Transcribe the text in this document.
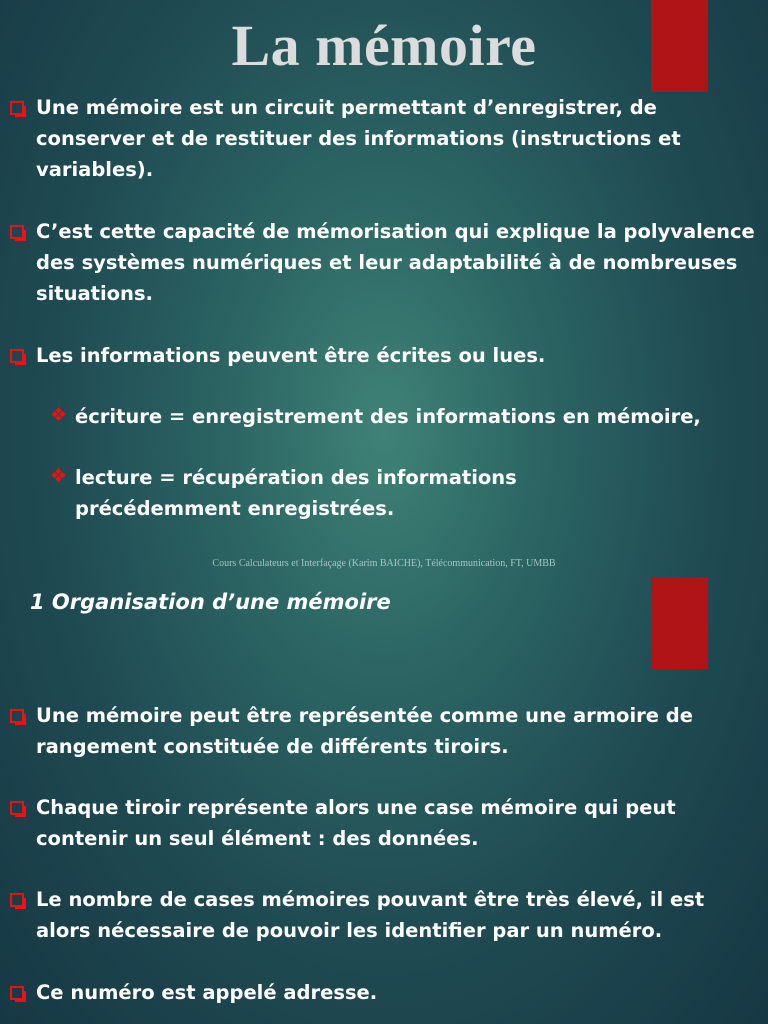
La mémoire
Une mémoire est un circuit permettant d’enregistrer, de conserver et de restituer des informations (instructions et variables).
C’est cette capacité de mémorisation qui explique la polyvalence des systèmes numériques et leur adaptabilité à de nombreuses situations.
Les informations peuvent être écrites ou lues.
❖ écriture = enregistrement des informations en mémoire,
❖ lecture = récupération des informations précédemment enregistrées.
Cours Calculateurs et Interfaçage (Karim BAICHE), Télécommunication, FT, UMBB
1 Organisation d’une mémoire
Une mémoire peut être représentée comme une armoire de rangement constituée de différents tiroirs.
Chaque tiroir représente alors une case mémoire qui peut contenir un seul élément : des données.
Le nombre de cases mémoires pouvant être très élevé, il est alors nécessaire de pouvoir les identifier par un numéro.
Ce numéro est appelé adresse.
